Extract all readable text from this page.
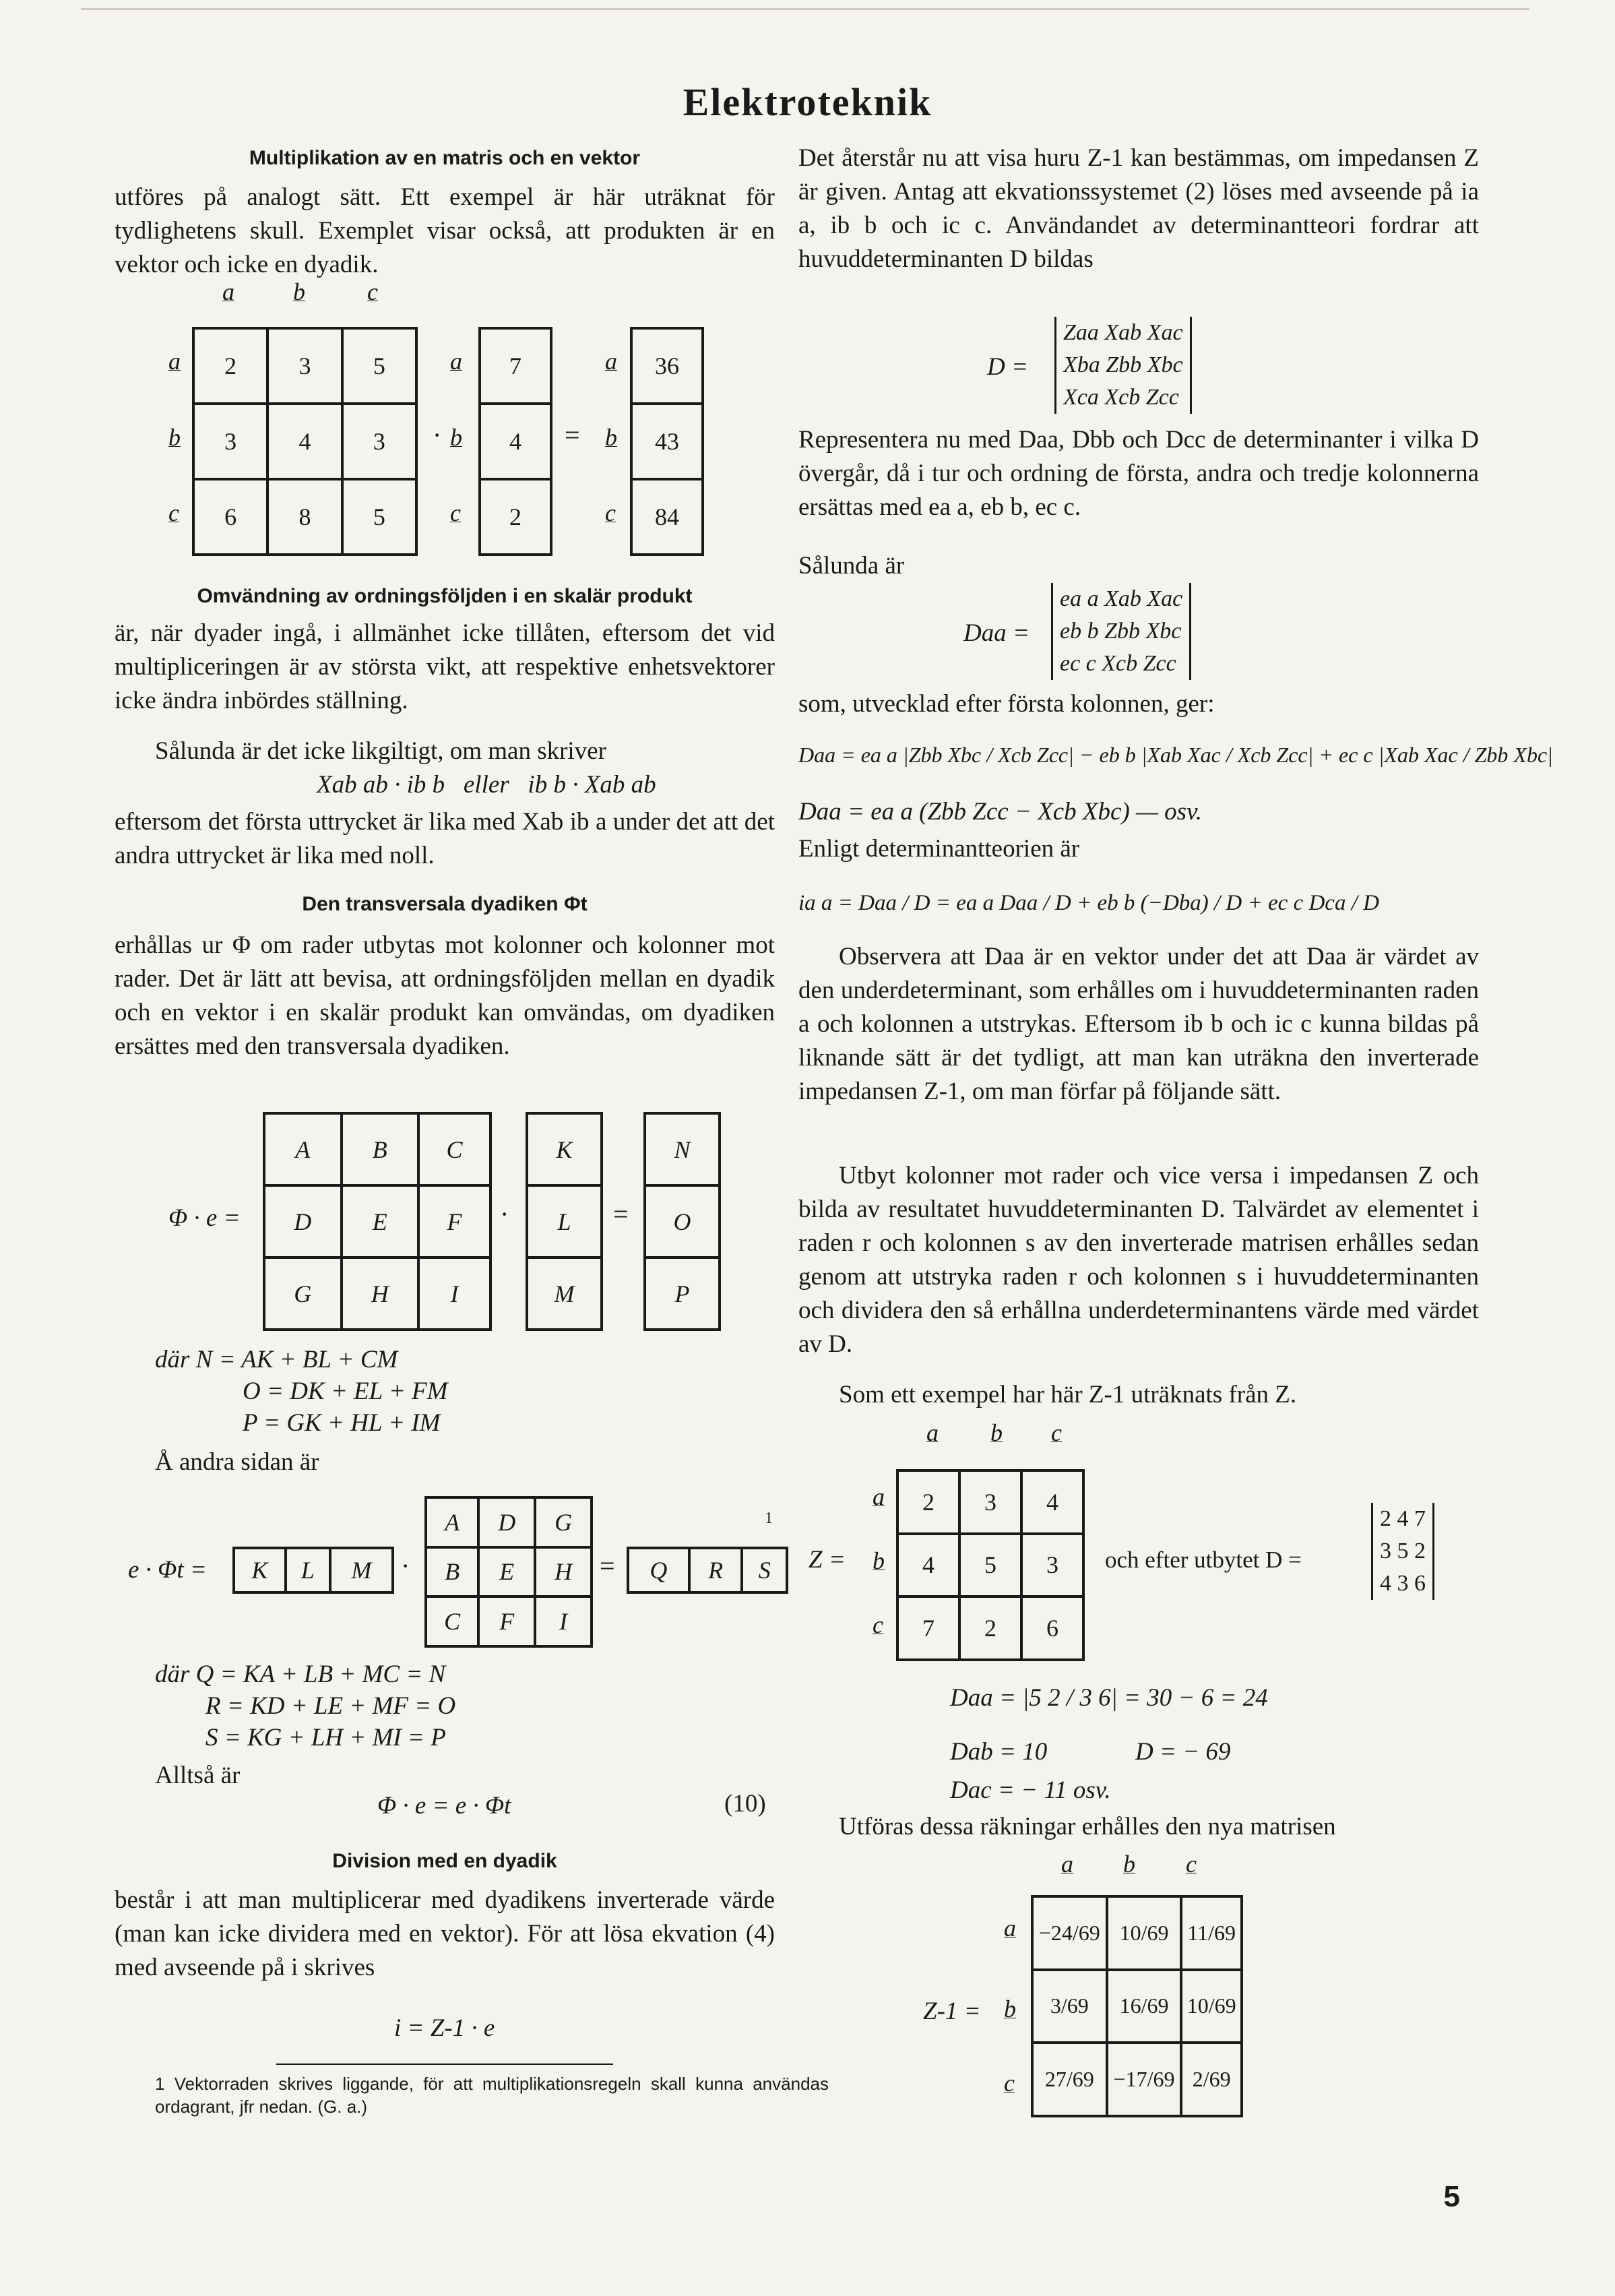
Elektroteknik
Multiplikation av en matris och en vektor
utföres på analogt sätt. Ett exempel är här uträknat för tydlighetens skull. Exemplet visar också, att produkten är en vektor och icke en dyadik.
a b	c
a
b
c
2	3	5
3	4	3
6	8	5
a
· b
c
7
4
2
=
a
b
c
36
43
84
Omvändning av ordningsföljden i en skalär produkt
är, när dyader ingå, i allmänhet icke tillåten, eftersom det vid multipliceringen är av största vikt, att respektive enhetsvektorer icke ändra inbördes ställning.
Sålunda är det icke likgiltigt, om man skriver
Xab ab · ib b   eller   ib b · Xab ab
eftersom det första uttrycket är lika med Xab ib a under det att det andra uttrycket är lika med noll.
Den transversala dyadiken Φt
erhållas ur Φ om rader utbytas mot kolonner och kolonner mot rader. Det är lätt att bevisa, att ordningsföljden mellan en dyadik och en vektor i en skalär produkt kan omvändas, om dyadiken ersättes med den transversala dyadiken.
Φ · e =
A	B	C
D	E	F
G	H	I
·
K
L
M
=
N
O
P
där N = AK + BL + CM
O = DK + EL + FM
P = GK + HL + IM
Å andra sidan är
e · Φt = K	L	M ·
A	D	G
B	E	H
C	F	I
= Q	R	S
1
där Q = KA + LB + MC = N
R = KD + LE + MF = O
S = KG + LH + MI = P
Alltså är
Φ · e = e · Φt	(10)
Division med en dyadik
består i att man multiplicerar med dyadikens inverterade värde (man kan icke dividera med en vektor). För att lösa ekvation (4) med avseende på i skrives
i = Z-1 · e
1 Vektorraden skrives liggande, för att multiplikationsregeln skall kunna användas ordagrant, jfr nedan. (G. a.)
Det återstår nu att visa huru Z-1 kan bestämmas, om impedansen Z är given. Antag att ekvationssystemet (2) löses med avseende på ia a, ib b och ic c. Användandet av determinantteori fordrar att huvuddeterminanten D bildas
D =
Zaa Xab Xac
Xba Zbb Xbc
Xca Xcb Zcc
Representera nu med Daa, Dbb och Dcc de determinanter i vilka D övergår, då i tur och ordning de första, andra och tredje kolonnerna ersättas med ea a, eb b, ec c.
Sålunda är
Daa =
ea a Xab Xac
eb b Zbb Xbc
ec c Xcb Zcc
som, utvecklad efter första kolonnen, ger:
Daa = ea a |Zbb Xbc / Xcb Zcc| − eb b |Xab Xac / Xcb Zcc| + ec c |Xab Xac / Zbb Xbc|
Daa = ea a (Zbb Zcc − Xcb Xbc) — osv.
Enligt determinantteorien är
ia a = Daa / D = ea a Daa / D + eb b (−Dba) / D + ec c Dca / D
Observera att Daa är en vektor under det att Daa är värdet av den underdeterminant, som erhålles om i huvuddeterminanten raden a och kolonnen a utstrykas. Eftersom ib b och ic c kunna bildas på liknande sätt är det tydligt, att man kan uträkna den inverterade impedansen Z-1, om man förfar på följande sätt.
Utbyt kolonner mot rader och vice versa i impedansen Z och bilda av resultatet huvuddeterminanten D. Talvärdet av elementet i raden r och kolonnen s av den inverterade matrisen erhålles sedan genom att utstryka raden r och kolonnen s i huvuddeterminanten och dividera den så erhållna underdeterminantens värde med värdet av D.
Som ett exempel har här Z-1 uträknats från Z.
a b c
Z =
a
b
c
2	3	4
4	5	3
7	2	6
och efter utbytet D =
2 4 7
3 5 2
4 3 6
Daa = |5 2 / 3 6| = 30 − 6 = 24
Dab = 10	D = − 69
Dac = − 11 osv.
Utföras dessa räkningar erhålles den nya matrisen
a b c
Z-1 =
a
b
c
−24/69	10/69	11/69
3/69	16/69	10/69
27/69	−17/69	2/69
5
